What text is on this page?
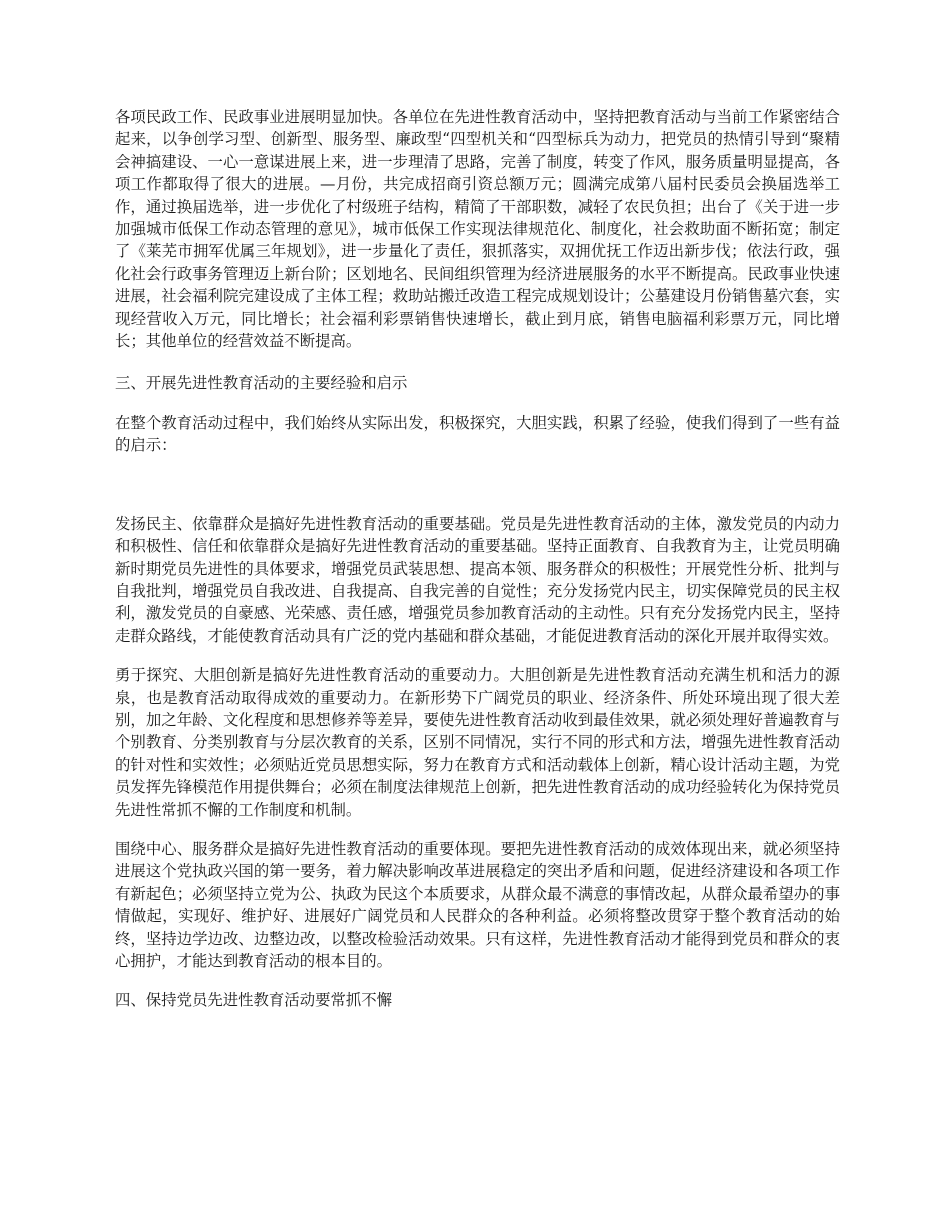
各项民政工作、民政事业进展明显加快。各单位在先进性教育活动中，坚持把教育活动与当前工作紧密结合起来，以争创学习型、创新型、服务型、廉政型“四型机关和“四型标兵为动力，把党员的热情引导到“聚精会神搞建设、一心一意谋进展上来，进一步理清了思路，完善了制度，转变了作风，服务质量明显提高，各项工作都取得了很大的进展。—月份，共完成招商引资总额万元；圆满完成第八届村民委员会换届选举工作，通过换届选举，进一步优化了村级班子结构，精简了干部职数，减轻了农民负担；出台了《关于进一步加强城市低保工作动态管理的意见》，城市低保工作实现法律规范化、制度化，社会救助面不断拓宽；制定了《莱芜市拥军优属三年规划》，进一步量化了责任，狠抓落实，双拥优抚工作迈出新步伐；依法行政，强化社会行政事务管理迈上新台阶；区划地名、民间组织管理为经济进展服务的水平不断提高。民政事业快速进展，社会福利院完建设成了主体工程；救助站搬迁改造工程完成规划设计；公墓建设月份销售墓穴套，实现经营收入万元，同比增长；社会福利彩票销售快速增长，截止到月底，销售电脑福利彩票万元，同比增长；其他单位的经营效益不断提高。

三、开展先进性教育活动的主要经验和启示

在整个教育活动过程中，我们始终从实际出发，积极探究，大胆实践，积累了经验，使我们得到了一些有益的启示：

发扬民主、依靠群众是搞好先进性教育活动的重要基础。党员是先进性教育活动的主体，激发党员的内动力和积极性、信任和依靠群众是搞好先进性教育活动的重要基础。坚持正面教育、自我教育为主，让党员明确新时期党员先进性的具体要求，增强党员武装思想、提高本领、服务群众的积极性；开展党性分析、批判与自我批判，增强党员自我改进、自我提高、自我完善的自觉性；充分发扬党内民主，切实保障党员的民主权利，激发党员的自豪感、光荣感、责任感，增强党员参加教育活动的主动性。只有充分发扬党内民主，坚持走群众路线，才能使教育活动具有广泛的党内基础和群众基础，才能促进教育活动的深化开展并取得实效。

勇于探究、大胆创新是搞好先进性教育活动的重要动力。大胆创新是先进性教育活动充满生机和活力的源泉，也是教育活动取得成效的重要动力。在新形势下广阔党员的职业、经济条件、所处环境出现了很大差别，加之年龄、文化程度和思想修养等差异，要使先进性教育活动收到最佳效果，就必须处理好普遍教育与个别教育、分类别教育与分层次教育的关系，区别不同情况，实行不同的形式和方法，增强先进性教育活动的针对性和实效性；必须贴近党员思想实际，努力在教育方式和活动载体上创新，精心设计活动主题，为党员发挥先锋模范作用提供舞台；必须在制度法律规范上创新，把先进性教育活动的成功经验转化为保持党员先进性常抓不懈的工作制度和机制。

围绕中心、服务群众是搞好先进性教育活动的重要体现。要把先进性教育活动的成效体现出来，就必须坚持进展这个党执政兴国的第一要务，着力解决影响改革进展稳定的突出矛盾和问题，促进经济建设和各项工作有新起色；必须坚持立党为公、执政为民这个本质要求，从群众最不满意的事情改起，从群众最希望办的事情做起，实现好、维护好、进展好广阔党员和人民群众的各种利益。必须将整改贯穿于整个教育活动的始终，坚持边学边改、边整边改，以整改检验活动效果。只有这样，先进性教育活动才能得到党员和群众的衷心拥护，才能达到教育活动的根本目的。

四、保持党员先进性教育活动要常抓不懈
